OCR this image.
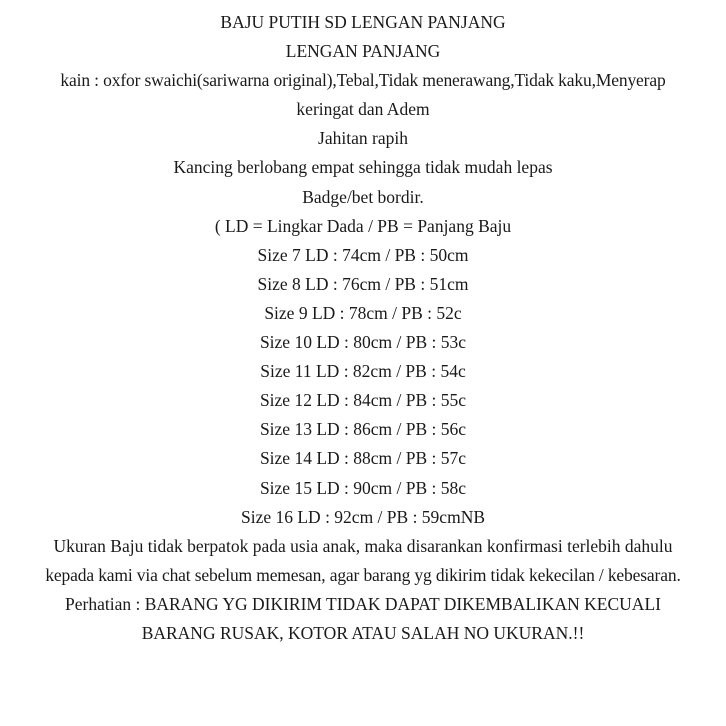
BAJU PUTIH SD LENGAN PANJANG
LENGAN PANJANG
kain : oxfor swaichi(sariwarna original),Tebal,Tidak menerawang,Tidak kaku,Menyerap
keringat dan Adem
Jahitan rapih
Kancing berlobang empat sehingga tidak mudah lepas
Badge/bet bordir.
( LD = Lingkar Dada / PB = Panjang Baju
Size 7 LD : 74cm / PB : 50cm
Size 8 LD : 76cm / PB : 51cm
Size 9 LD : 78cm / PB : 52c
Size 10 LD : 80cm / PB : 53c
Size 11 LD : 82cm / PB : 54c
Size 12 LD : 84cm / PB : 55c
Size 13 LD : 86cm / PB : 56c
Size 14 LD : 88cm / PB : 57c
Size 15 LD : 90cm / PB : 58c
Size 16 LD : 92cm / PB : 59cmNB
Ukuran Baju tidak berpatok pada usia anak, maka disarankan konfirmasi terlebih dahulu
kepada kami via chat sebelum memesan, agar barang yg dikirim tidak kekecilan / kebesaran.
Perhatian : BARANG YG DIKIRIM TIDAK DAPAT DIKEMBALIKAN KECUALI
BARANG RUSAK, KOTOR ATAU SALAH NO UKURAN.!!
